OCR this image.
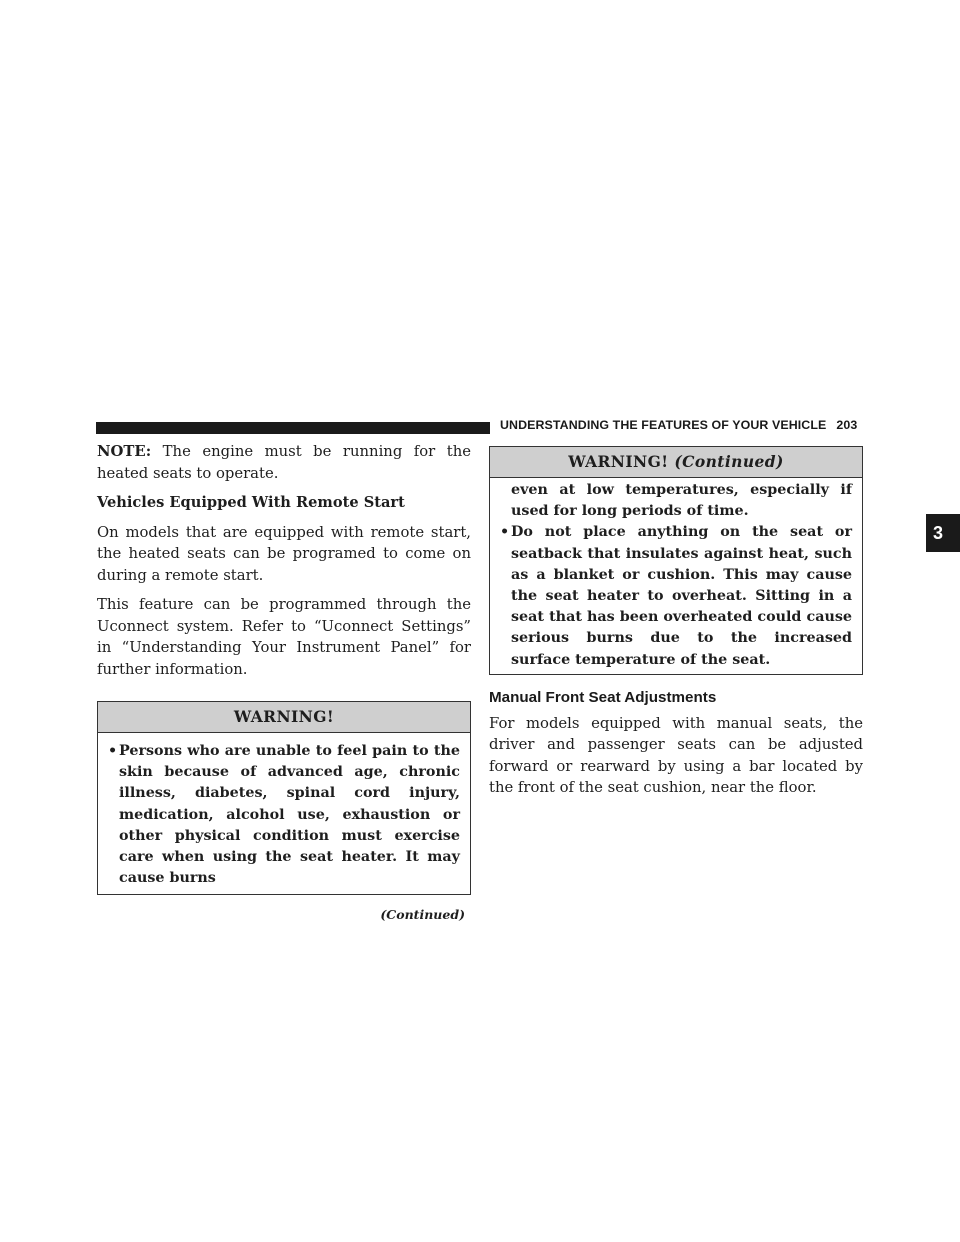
UNDERSTANDING THE FEATURES OF YOUR VEHICLE 203
3

NOTE: The engine must be running for the heated seats to operate.

Vehicles Equipped With Remote Start

On models that are equipped with remote start, the heated seats can be programed to come on during a remote start.

This feature can be programmed through the Uconnect system. Refer to “Uconnect Settings” in “Understanding Your Instrument Panel” for further information.

WARNING!
• Persons who are unable to feel pain to the skin because of advanced age, chronic illness, diabetes, spinal cord injury, medication, alcohol use, exhaustion or other physical condition must exercise care when using the seat heater. It may cause burns
(Continued)
WARNING! (Continued)
even at low temperatures, especially if used for long periods of time.
• Do not place anything on the seat or seatback that insulates against heat, such as a blanket or cushion. This may cause the seat heater to overheat. Sitting in a seat that has been overheated could cause serious burns due to the increased surface temperature of the seat.
Manual Front Seat Adjustments

For models equipped with manual seats, the driver and passenger seats can be adjusted forward or rearward by using a bar located by the front of the seat cushion, near the floor.
